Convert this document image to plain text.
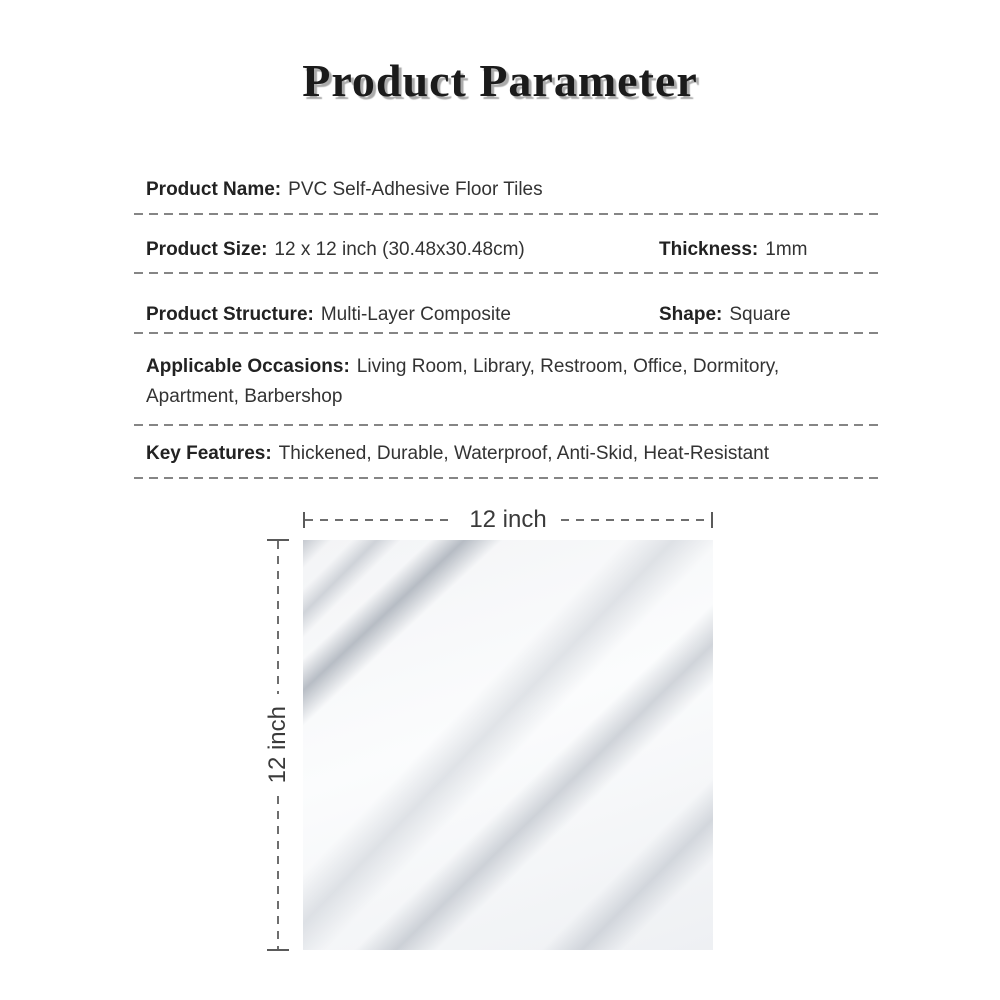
Product Parameter
Product Name: PVC Self-Adhesive Floor Tiles
Product Size: 12 x 12 inch (30.48x30.48cm)	Thickness: 1mm
Product Structure: Multi-Layer Composite	Shape: Square
Applicable Occasions: Living Room, Library, Restroom, Office, Dormitory, Apartment, Barbershop
Key Features: Thickened, Durable, Waterproof, Anti-Skid, Heat-Resistant
12 inch
12 inch
